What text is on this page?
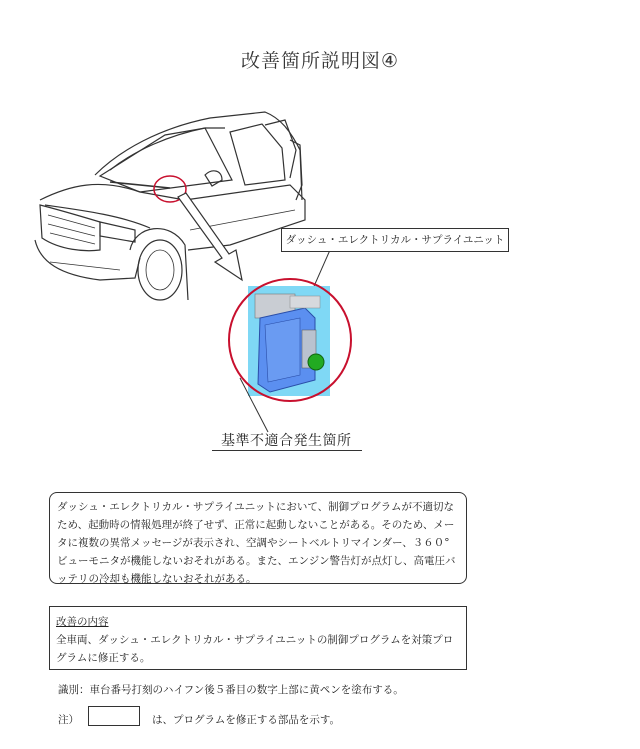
改善箇所説明図④
ダッシュ・エレクトリカル・サプライユニット
基準不適合発生箇所
ダッシュ・エレクトリカル・サプライユニットにおいて、制御プログラムが不適切なため、起動時の情報処理が終了せず、正常に起動しないことがある。そのため、メータに複数の異常メッセージが表示され、空調やシートベルトリマインダー、３６０° ビューモニタが機能しないおそれがある。また、エンジン警告灯が点灯し、高電圧バッテリの冷却も機能しないおそれがある。
改善の内容
全車両、ダッシュ・エレクトリカル・サプライユニットの制御プログラムを対策プログラムに修正する。
識別：車台番号打刻のハイフン後５番目の数字上部に黄ペンを塗布する。
注）	は、プログラムを修正する部品を示す。
